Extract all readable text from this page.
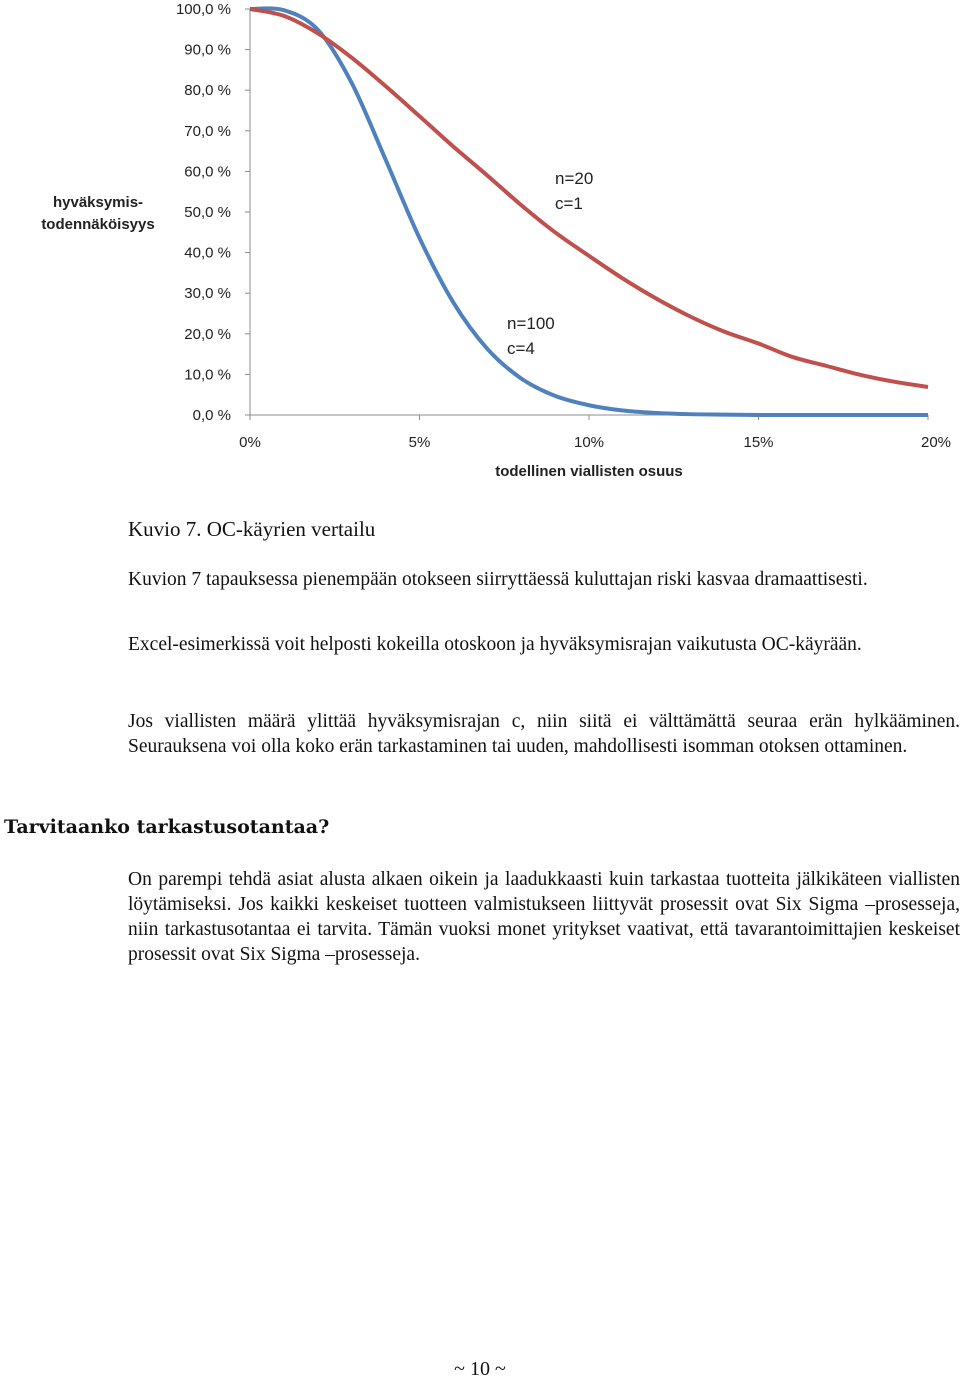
100,0 %
90,0 %
80,0 %
70,0 %
60,0 %
50,0 %
40,0 %
30,0 %
20,0 %
10,0 %
0,0 %
0%	5%	10%	15%	20%
hyväksymis-
todennäköisyys
todellinen viallisten osuus
n=20
c=1
n=100
c=4
Kuvio 7. OC-käyrien vertailu
Kuvion 7 tapauksessa pienempään otokseen siirryttäessä kuluttajan riski kasvaa dramaattisesti.
Excel-esimerkissä voit helposti kokeilla otoskoon ja hyväksymisrajan vaikutusta OC-käyrään.
Jos viallisten määrä ylittää hyväksymisrajan c, niin siitä ei välttämättä seuraa erän hylkääminen. Seurauksena voi olla koko erän tarkastaminen tai uuden, mahdollisesti isomman otoksen ottaminen.
Tarvitaanko tarkastusotantaa?
On parempi tehdä asiat alusta alkaen oikein ja laadukkaasti kuin tarkastaa tuotteita jälkikäteen viallisten löytämiseksi. Jos kaikki keskeiset tuotteen valmistukseen liittyvät prosessit ovat Six Sigma –prosesseja, niin tarkastusotantaa ei tarvita. Tämän vuoksi monet yritykset vaativat, että tavarantoimittajien keskeiset prosessit ovat Six Sigma –prosesseja.
~ 10 ~
